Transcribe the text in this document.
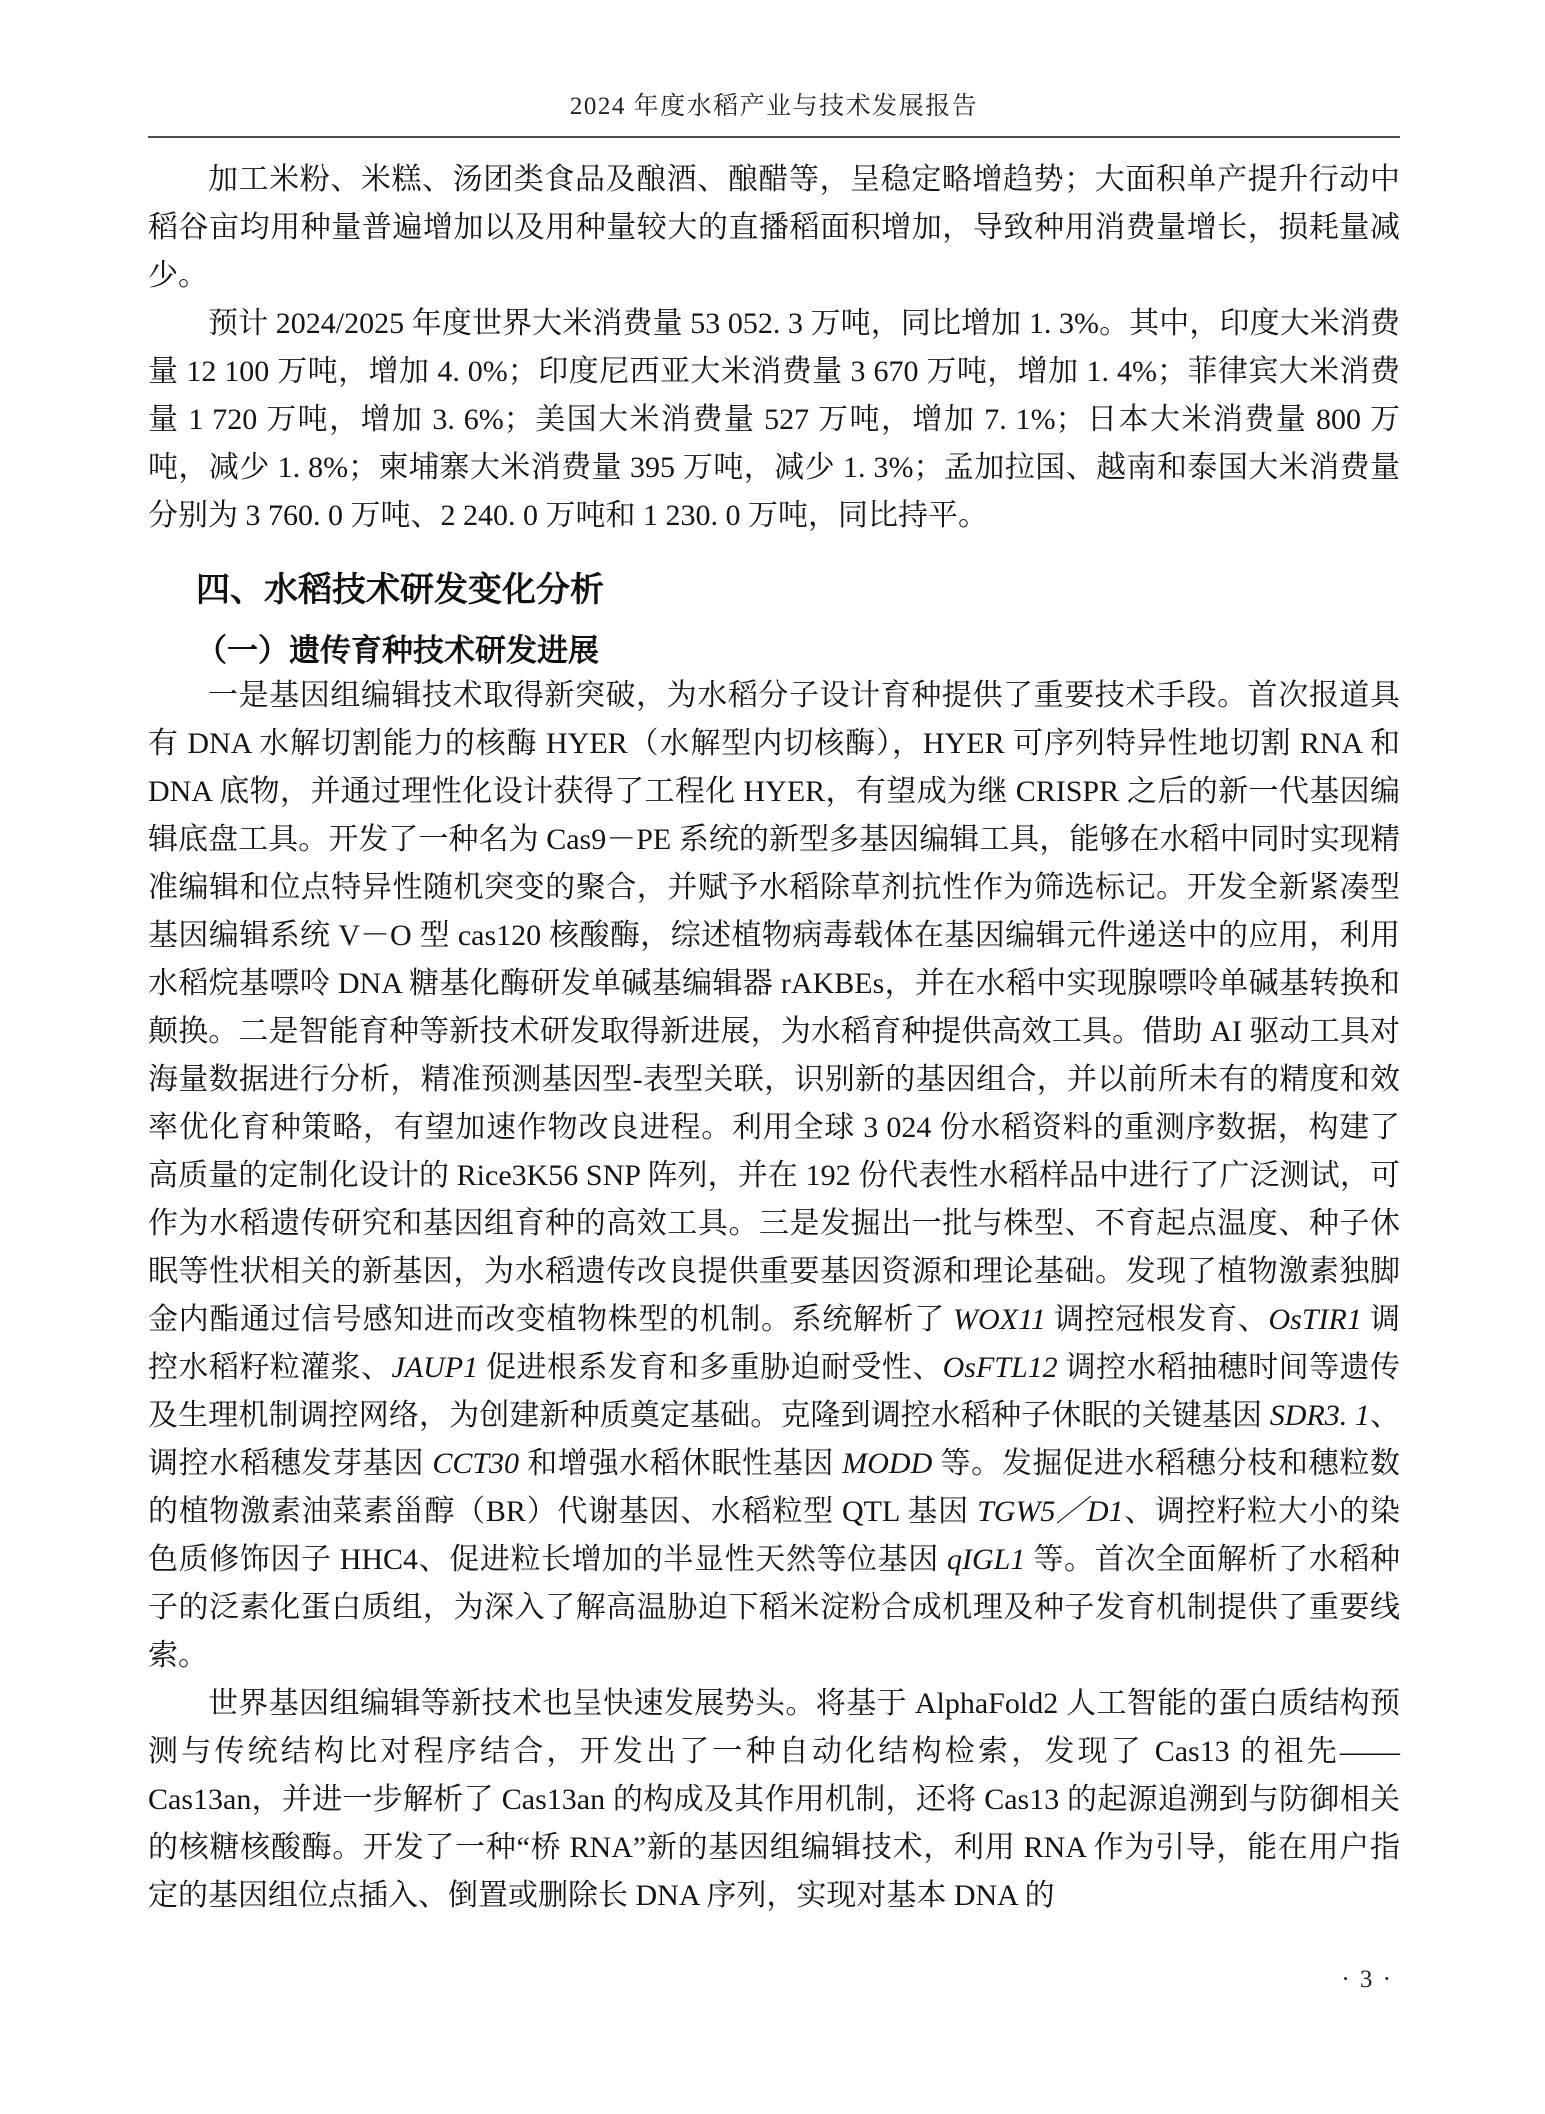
2024 年度水稻产业与技术发展报告

加工米粉、米糕、汤团类食品及酿酒、酿醋等，呈稳定略增趋势；大面积单产提升行动中稻谷亩均用种量普遍增加以及用种量较大的直播稻面积增加，导致种用消费量增长，损耗量减少。

预计 2024/2025 年度世界大米消费量 53 052. 3 万吨，同比增加 1. 3%。其中，印度大米消费量 12 100 万吨，增加 4. 0%；印度尼西亚大米消费量 3 670 万吨，增加 1. 4%；菲律宾大米消费量 1 720 万吨，增加 3. 6%；美国大米消费量 527 万吨，增加 7. 1%；日本大米消费量 800 万吨，减少 1. 8%；柬埔寨大米消费量 395 万吨，减少 1. 3%；孟加拉国、越南和泰国大米消费量分别为 3 760. 0 万吨、2 240. 0 万吨和 1 230. 0 万吨，同比持平。

四、水稻技术研发变化分析
（一）遗传育种技术研发进展

一是基因组编辑技术取得新突破，为水稻分子设计育种提供了重要技术手段。首次报道具有 DNA 水解切割能力的核酶 HYER（水解型内切核酶），HYER 可序列特异性地切割 RNA 和 DNA 底物，并通过理性化设计获得了工程化 HYER，有望成为继 CRISPR 之后的新一代基因编辑底盘工具。开发了一种名为 Cas9－PE 系统的新型多基因编辑工具，能够在水稻中同时实现精准编辑和位点特异性随机突变的聚合，并赋予水稻除草剂抗性作为筛选标记。开发全新紧凑型基因编辑系统 V－O 型 cas120 核酸酶，综述植物病毒载体在基因编辑元件递送中的应用，利用水稻烷基嘌呤 DNA 糖基化酶研发单碱基编辑器 rAKBEs，并在水稻中实现腺嘌呤单碱基转换和颠换。二是智能育种等新技术研发取得新进展，为水稻育种提供高效工具。借助 AI 驱动工具对海量数据进行分析，精准预测基因型-表型关联，识别新的基因组合，并以前所未有的精度和效率优化育种策略，有望加速作物改良进程。利用全球 3 024 份水稻资料的重测序数据，构建了高质量的定制化设计的 Rice3K56 SNP 阵列，并在 192 份代表性水稻样品中进行了广泛测试，可作为水稻遗传研究和基因组育种的高效工具。三是发掘出一批与株型、不育起点温度、种子休眠等性状相关的新基因，为水稻遗传改良提供重要基因资源和理论基础。发现了植物激素独脚金内酯通过信号感知进而改变植物株型的机制。系统解析了 WOX11 调控冠根发育、OsTIR1 调控水稻籽粒灌浆、JAUP1 促进根系发育和多重胁迫耐受性、OsFTL12 调控水稻抽穗时间等遗传及生理机制调控网络，为创建新种质奠定基础。克隆到调控水稻种子休眠的关键基因 SDR3. 1、调控水稻穗发芽基因 CCT30 和增强水稻休眠性基因 MODD 等。发掘促进水稻穗分枝和穗粒数的植物激素油菜素甾醇（BR）代谢基因、水稻粒型 QTL 基因 TGW5／D1、调控籽粒大小的染色质修饰因子 HHC4、促进粒长增加的半显性天然等位基因 qIGL1 等。首次全面解析了水稻种子的泛素化蛋白质组，为深入了解高温胁迫下稻米淀粉合成机理及种子发育机制提供了重要线索。

世界基因组编辑等新技术也呈快速发展势头。将基于 AlphaFold2 人工智能的蛋白质结构预测与传统结构比对程序结合，开发出了一种自动化结构检索，发现了 Cas13 的祖先——Cas13an，并进一步解析了 Cas13an 的构成及其作用机制，还将 Cas13 的起源追溯到与防御相关的核糖核酸酶。开发了一种“桥 RNA”新的基因组编辑技术，利用 RNA 作为引导，能在用户指定的基因组位点插入、倒置或删除长 DNA 序列，实现对基本 DNA 的

· 3 ·
